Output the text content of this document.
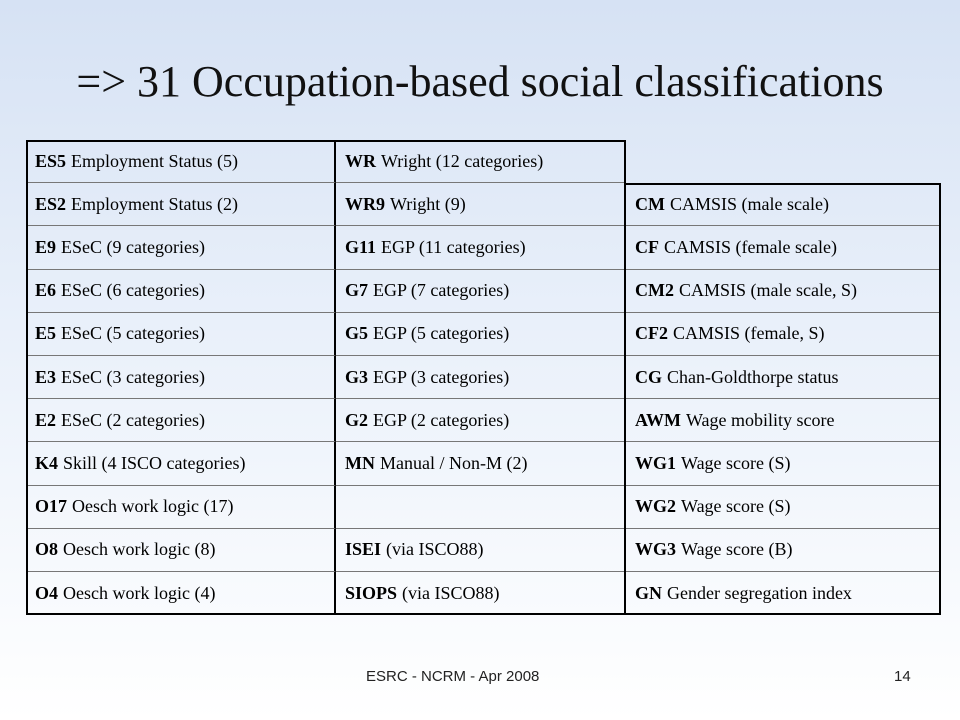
=> 31 Occupation-based social classifications
ES5 Employment Status (5)
ES2 Employment Status (2)
E9 ESeC (9 categories)
E6 ESeC (6 categories)
E5 ESeC (5 categories)
E3 ESeC (3 categories)
E2 ESeC (2 categories)
K4 Skill (4 ISCO categories)
O17 Oesch work logic (17)
O8 Oesch work logic (8)
O4 Oesch work logic (4)
WR Wright (12 categories)
WR9 Wright (9)
G11 EGP (11 categories)
G7 EGP (7 categories)
G5 EGP (5 categories)
G3 EGP (3 categories)
G2 EGP (2 categories)
MN Manual / Non-M (2)
ISEI (via ISCO88)
SIOPS (via ISCO88)
CM CAMSIS (male scale)
CF CAMSIS (female scale)
CM2 CAMSIS (male scale, S)
CF2 CAMSIS (female, S)
CG Chan-Goldthorpe status
AWM Wage mobility score
WG1 Wage score (S)
WG2 Wage score (S)
WG3 Wage score (B)
GN Gender segregation index
ESRC - NCRM - Apr 2008	14
